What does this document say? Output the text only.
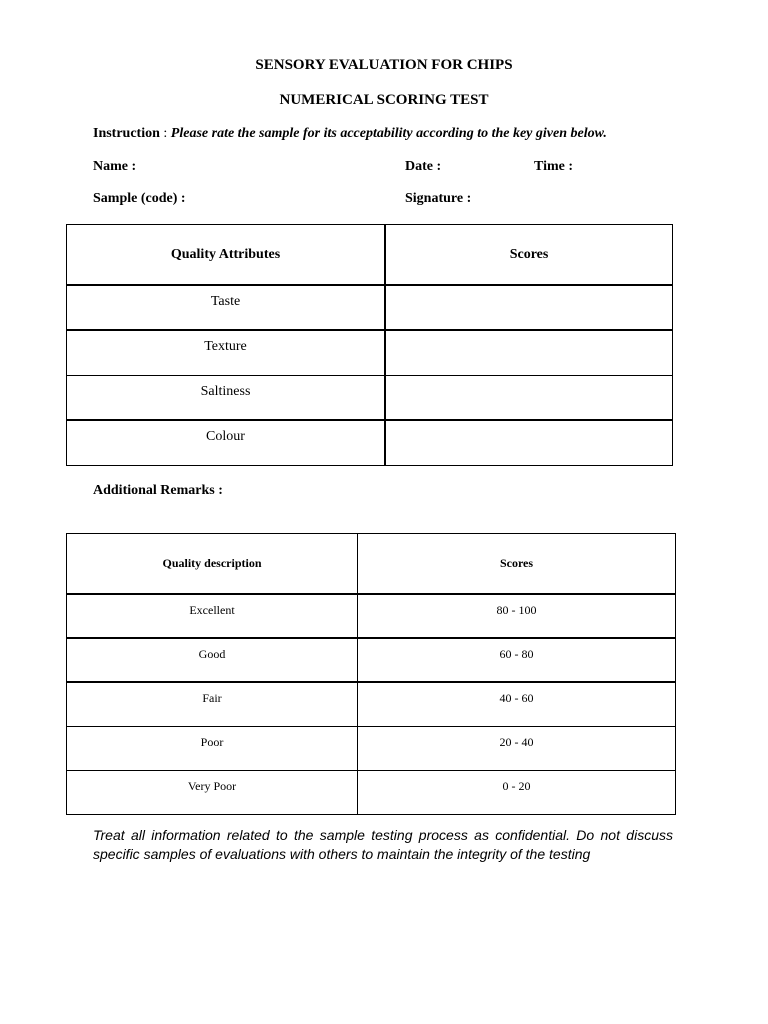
SENSORY EVALUATION FOR CHIPS
NUMERICAL SCORING TEST
Instruction : Please rate the sample for its acceptability according to the key given below.
Name :	Date :	Time :
Sample (code) :	Signature :
Quality Attributes	Scores
Taste	
Texture	
Saltiness	
Colour	
Additional Remarks :
Quality description	Scores
Excellent	80 - 100
Good	60 - 80
Fair	40 - 60
Poor	20 - 40
Very Poor	0 - 20
Treat all information related to the sample testing process as confidential. Do not discuss specific samples of evaluations with others to maintain the integrity of the testing
